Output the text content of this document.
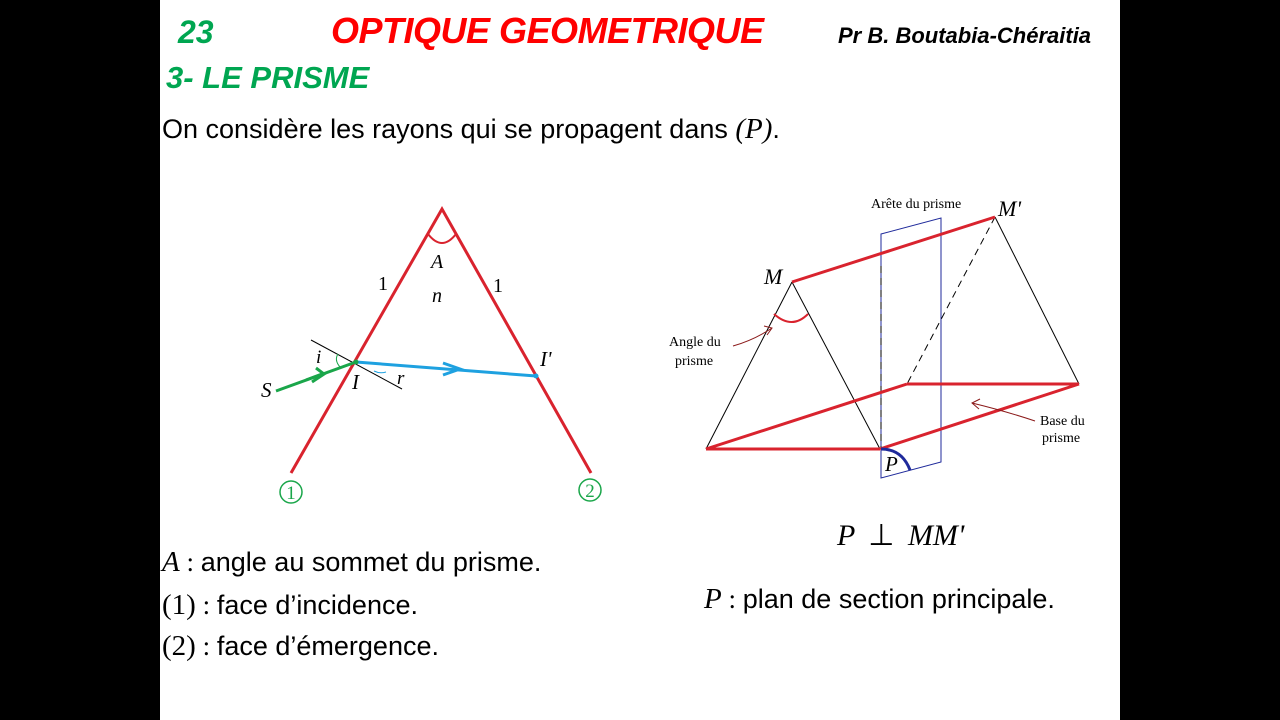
23	OPTIQUE GEOMETRIQUE	Pr B. Boutabia-Chéraitia
3- LE PRISME
On considère les rayons qui se propagent dans (P).
1	2
A
n
1	1
i
r
S	I
I'
Arête du prisme
M
M'
Angle du
prisme
Base du
prisme
P
P ⊥ MM'
A : angle au sommet du prisme.
(1) : face d’incidence.
(2) : face d’émergence.
P : plan de section principale.
